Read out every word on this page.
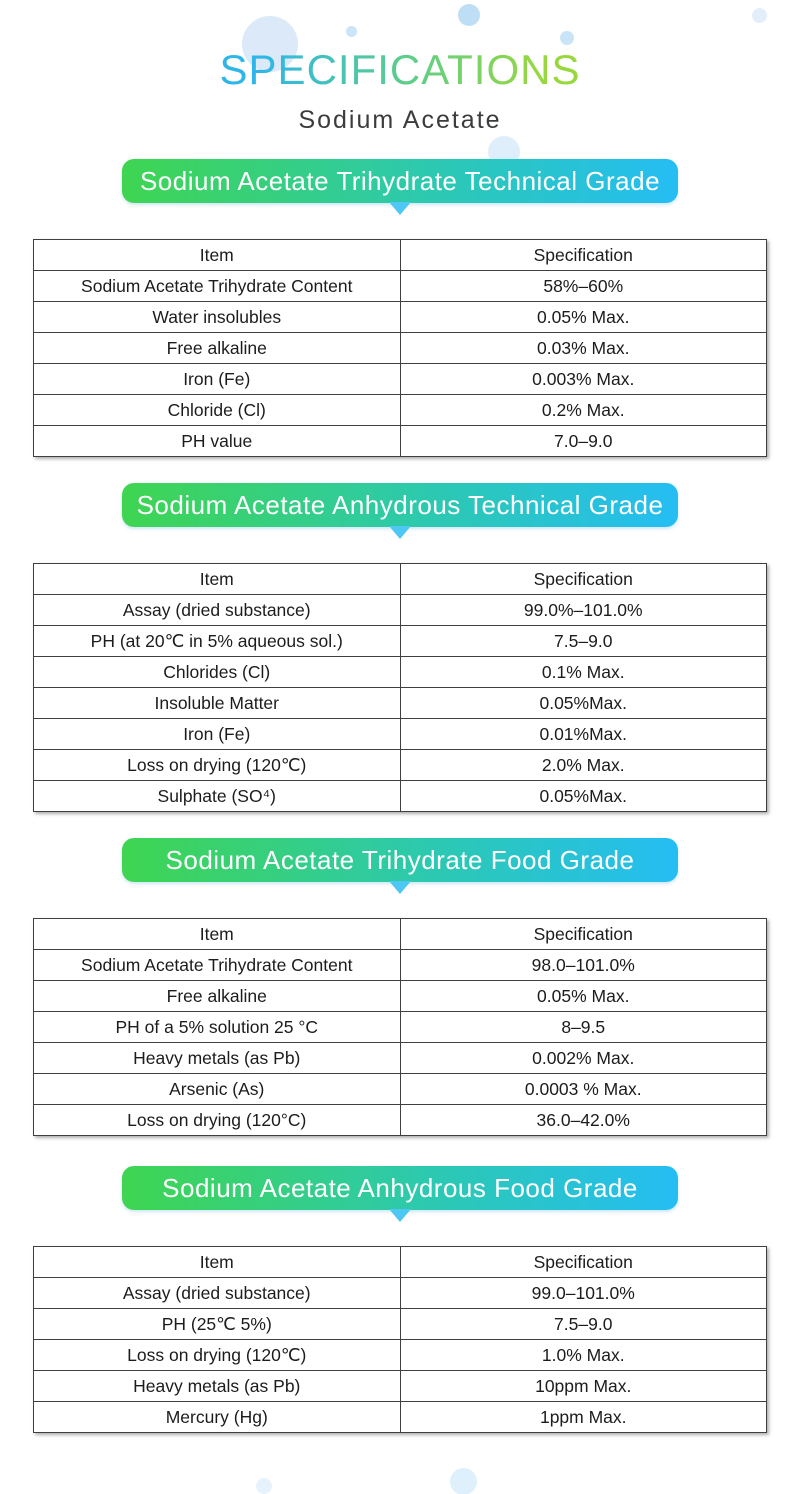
SPECIFICATIONS
Sodium Acetate
Sodium Acetate Trihydrate Technical Grade
Item	Specification
Sodium Acetate Trihydrate Content	58%–60%
Water insolubles	0.05% Max.
Free alkaline	0.03% Max.
Iron (Fe)	0.003% Max.
Chloride (Cl)	0.2% Max.
PH value	7.0–9.0
Sodium Acetate Anhydrous Technical Grade
Item	Specification
Assay (dried substance)	99.0%–101.0%
PH (at 20℃ in 5% aqueous sol.)	7.5–9.0
Chlorides (Cl)	0.1% Max.
Insoluble Matter	0.05%Max.
Iron (Fe)	0.01%Max.
Loss on drying (120℃)	2.0% Max.
Sulphate (SO⁴)	0.05%Max.
Sodium Acetate Trihydrate Food Grade
Item	Specification
Sodium Acetate Trihydrate Content	98.0–101.0%
Free alkaline	0.05% Max.
PH of a 5% solution 25 °C	8–9.5
Heavy metals (as Pb)	0.002% Max.
Arsenic (As)	0.0003 % Max.
Loss on drying (120°C)	36.0–42.0%
Sodium Acetate Anhydrous Food Grade
Item	Specification
Assay (dried substance)	99.0–101.0%
PH (25℃ 5%)	7.5–9.0
Loss on drying (120℃)	1.0% Max.
Heavy metals (as Pb)	10ppm Max.
Mercury (Hg)	1ppm Max.
